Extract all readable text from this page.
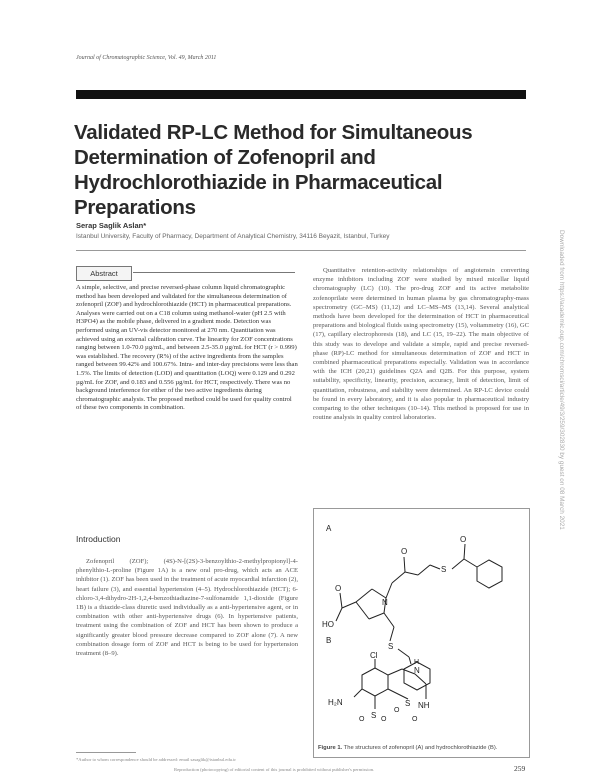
Journal of Chromatographic Science, Vol. 49, March 2011
Validated RP-LC Method for Simultaneous Determination of Zofenopril and Hydrochlorothiazide in Pharmaceutical Preparations
Serap Saglik Aslan*
Istanbul University, Faculty of Pharmacy, Department of Analytical Chemistry, 34116 Beyazit, Istanbul, Turkey
Abstract
A simple, selective, and precise reversed-phase column liquid chromatographic method has been developed and validated for the simultaneous determination of zofenopril (ZOF) and hydrochlorothiazide (HCT) in pharmaceutical preparations. Analyses were carried out on a C18 column using methanol-water (pH 2.5 with H3PO4) as the mobile phase, delivered in a gradient mode. Detection was performed using an UV-vis detector monitored at 270 nm. Quantitation was achieved using an external calibration curve. The linearity for ZOF concentrations ranging between 1.0-70.0 µg/mL, and between 2.5-35.0 µg/mL for HCT (r > 0.999) was established. The recovery (R%) of the active ingredients from the samples ranged between 99.42% and 100.67%. Intra- and inter-day precisions were less than 1.5%. The limits of detection (LOD) and quantitation (LOQ) were 0.129 and 0.292 µg/mL for ZOF, and 0.183 and 0.556 µg/mL for HCT, respectively. There was no background interference for either of the two active ingredients during chromatographic analysis. The proposed method could be used for quality control of these two components in combination.
Introduction
Zofenopril (ZOF); (4S)-N-[(2S)-3-benzoylthio-2-methylpropionyl]-4-phenylthio-L-proline (Figure 1A) is a new oral pro-drug, which acts an ACE inhibitor (1). ZOF has been used in the treatment of acute myocardial infarction (2), heart failure (3), and essential hypertension (4–5). Hydrochlorothiazide (HCT); 6-chloro-3,4-dihydro-2H-1,2,4-benzothiadiazine-7-sulfonamide 1,1-dioxide (Figure 1B) is a thiazide-class diuretic used individually as a anti-hypertensive agent, or in combination with other anti-hypertensive drugs (6). In hypertensive patients, treatment using the combination of ZOF and HCT has been shown to produce a significantly greater blood pressure decrease compared to ZOF alone (7). A new combination dosage form of ZOF and HCT is being to be used for hypertension treatment (8–9).
Quantitative retention-activity relationships of angiotensin converting enzyme inhibitors including ZOF were studied by mixed micellar liquid chromatography (LC) (10). The pro-drug ZOF and its active metabolite zofenoprilate were determined in human plasma by gas chromatography-mass spectrometry (GC–MS) (11,12) and LC–MS–MS (13,14). Several analytical methods have been developed for the determination of HCT in pharmaceutical preparations and biological fluids using spectrometry (15), voltammetry (16), GC (17), capillary electrophoresis (18), and LC (15, 19–22). The main objective of this study was to develope and validate a simple, rapid and precise reversed-phase (RP)-LC method for simultaneous determination of ZOF and HCT in combined pharmaceutical preparations especially. Validation was in accordance with the ICH (20,21) guidelines Q2A and Q2B. For this purpose, system suitability, specificity, linearity, precision, accuracy, limit of detection, limit of quantitation, robustness, and stability were determined. An RP-LC device could be found in every laboratory, and it is also popular in pharmaceutical industry comparing to the other techniques (10–14). This method is proposed for use in routine analysis in quality control laboratories.
A
B
O
O
O
HO
N
S
S
Cl
N
H
H₂N	NH
S
S
O O
O
O
Figure 1. The structures of zofenopril (A) and hydrochlorothiazide (B).
*Author to whom correspondence should be addressed: email sasaglik@istanbul.edu.tr
Reproduction (photocopying) of editorial content of this journal is prohibited without publisher's permission.	259
Downloaded from https://academic.oup.com/chromsci/article/49/3/259/302830 by guest on 08 March 2021
